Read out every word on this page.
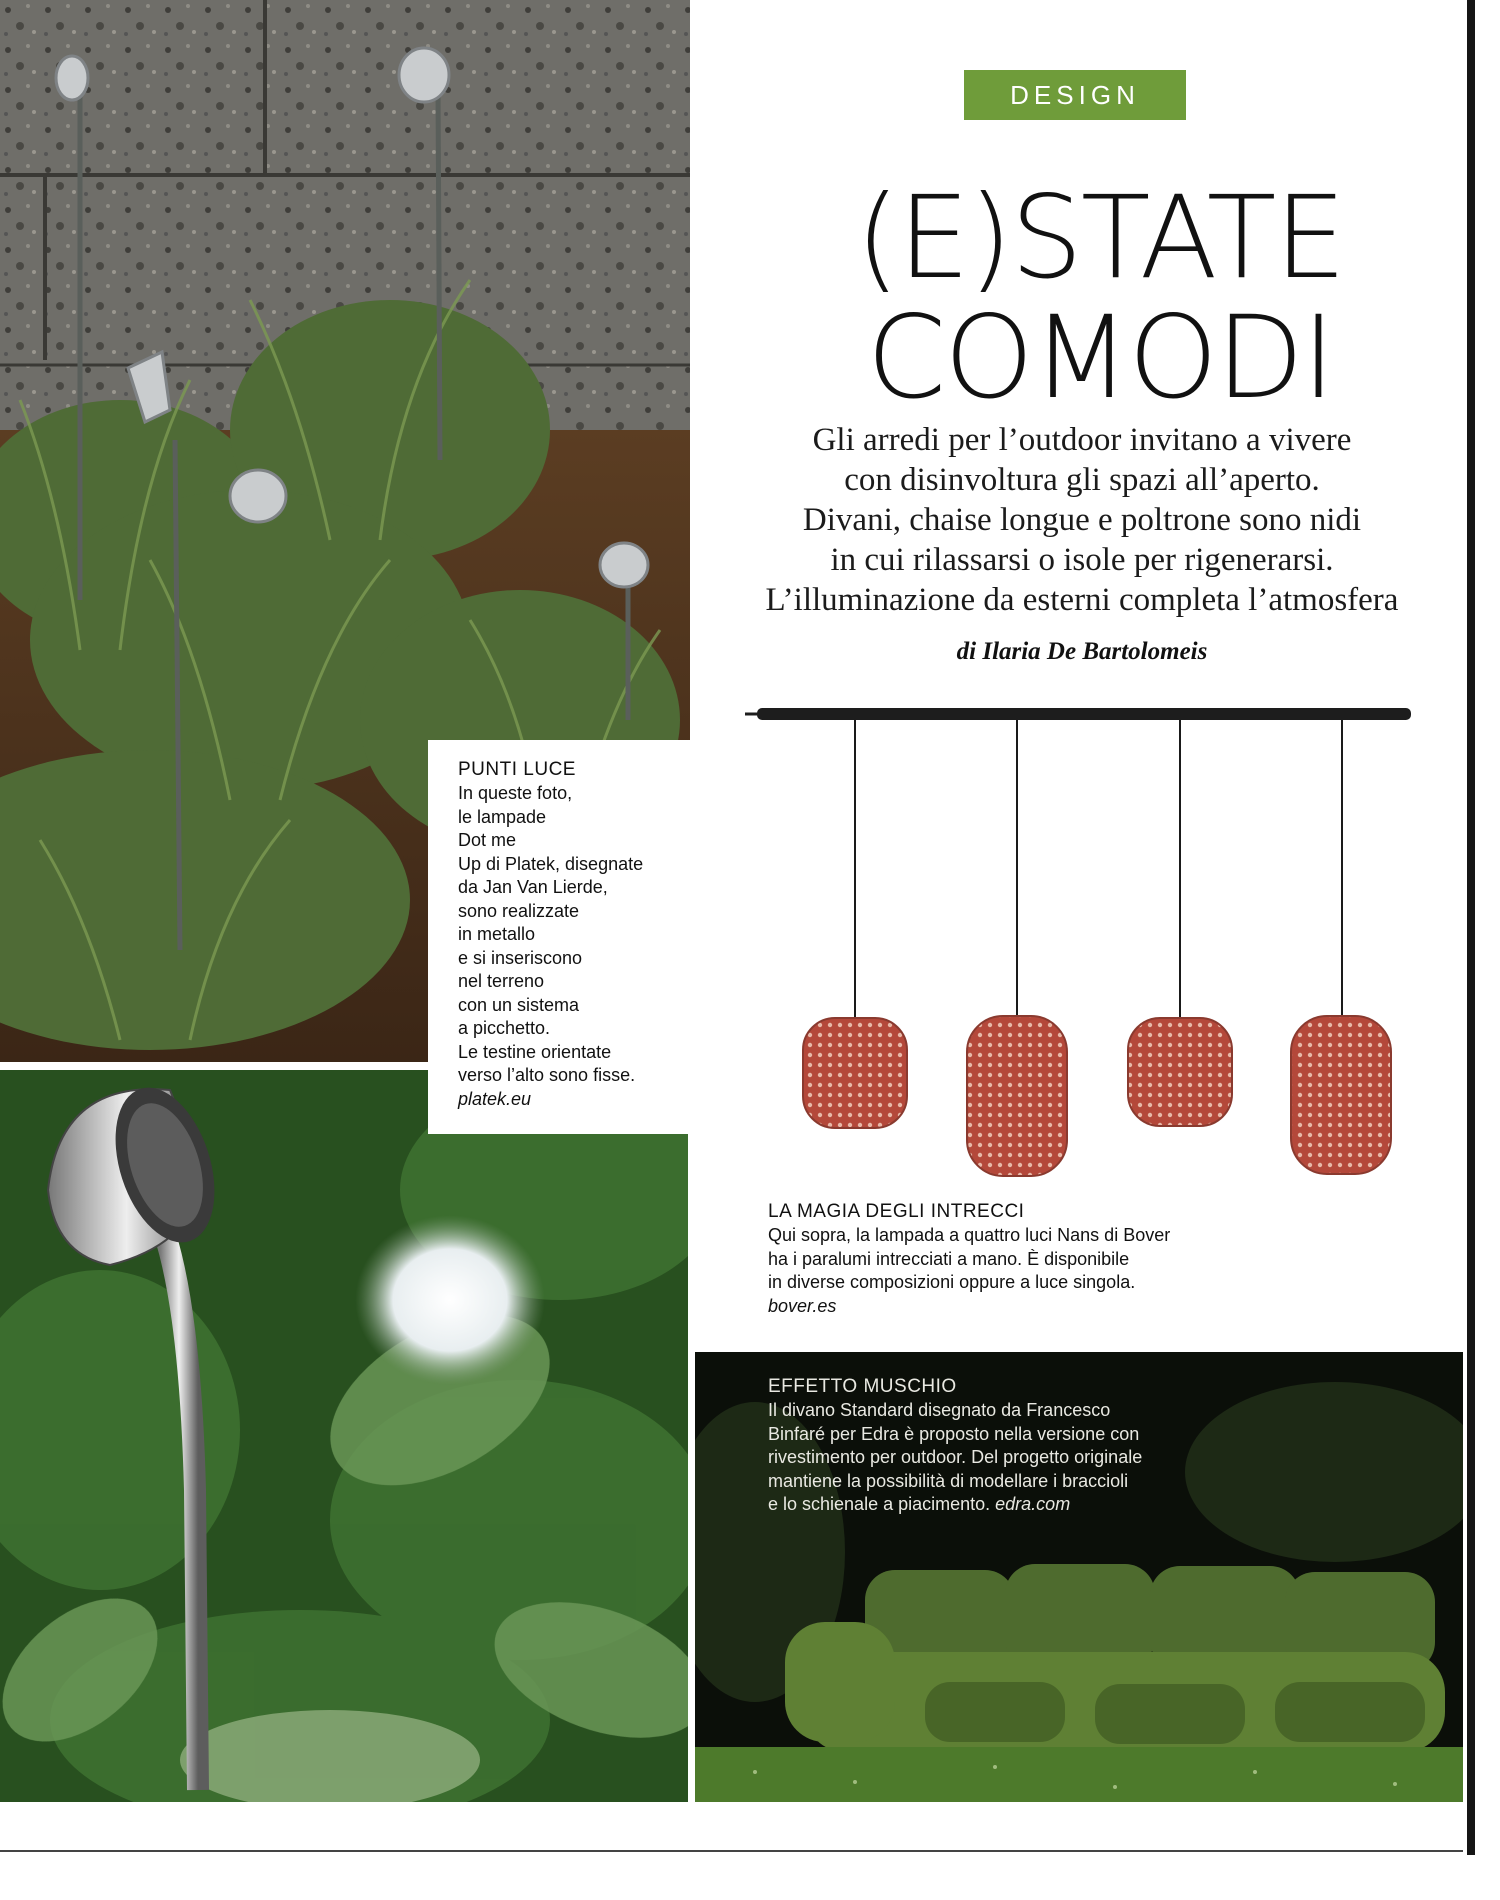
DESIGN
(E)STATE
COMODI
Gli arredi per l’outdoor invitano a vivere
con disinvoltura gli spazi all’aperto.
Divani, chaise longue e poltrone sono nidi
in cui rilassarsi o isole per rigenerarsi.
L’illuminazione da esterni completa l’atmosfera
di Ilaria De Bartolomeis
PUNTI LUCE
In queste foto,
le lampade
Dot me
Up di Platek, disegnate
da Jan Van Lierde,
sono realizzate
in metallo
e si inseriscono
nel terreno
con un sistema
a picchetto.
Le testine orientate
verso l’alto sono fisse.
platek.eu
LA MAGIA DEGLI INTRECCI
Qui sopra, la lampada a quattro luci Nans di Bover
ha i paralumi intrecciati a mano. È disponibile
in diverse composizioni oppure a luce singola.
bover.es
EFFETTO MUSCHIO
Il divano Standard disegnato da Francesco
Binfaré per Edra è proposto nella versione con
rivestimento per outdoor. Del progetto originale
mantiene la possibilità di modellare i braccioli
e lo schienale a piacimento. edra.com
